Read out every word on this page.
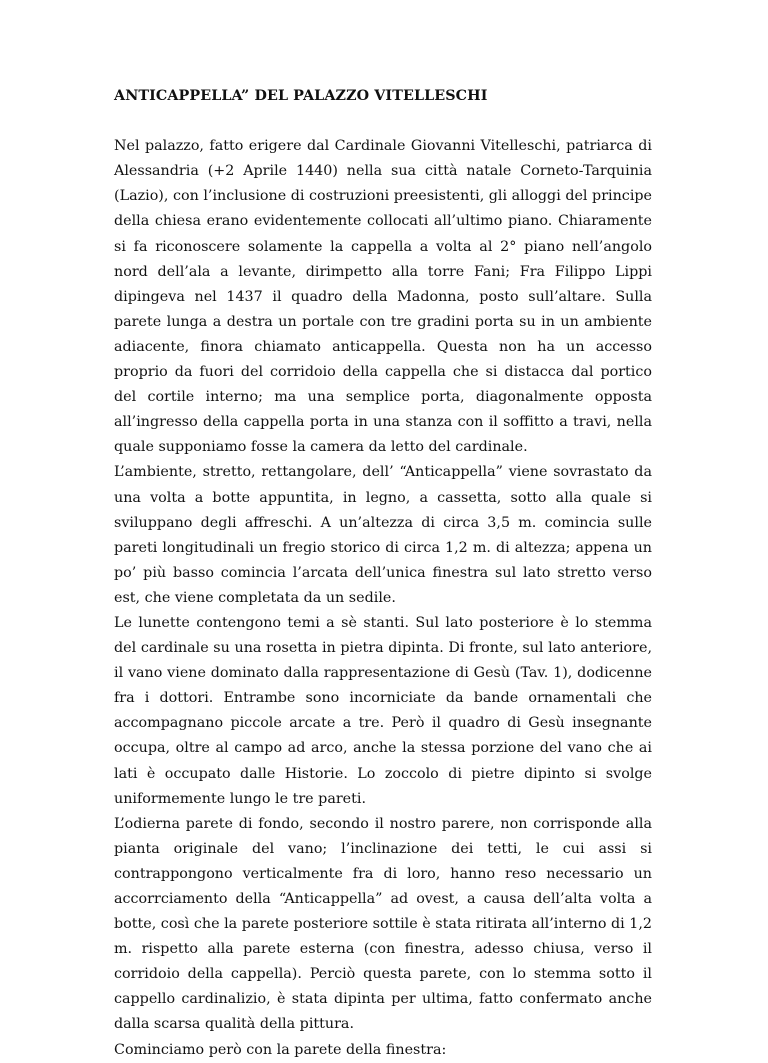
ANTICAPPELLA” DEL PALAZZO VITELLESCHI

Nel palazzo, fatto erigere dal Cardinale Giovanni Vitelleschi, patriarca di Alessandria (+2 Aprile 1440) nella sua città natale Corneto-Tarquinia (Lazio), con l’inclusione di costruzioni preesistenti, gli alloggi del principe della chiesa erano evidentemente collocati all’ultimo piano. Chiaramente si fa riconoscere solamente la cappella a volta al 2° piano nell’angolo nord dell’ala a levante, dirimpetto alla torre Fani; Fra Filippo Lippi dipingeva nel 1437 il quadro della Madonna, posto sull’altare. Sulla parete lunga a destra un portale con tre gradini porta su in un ambiente adiacente, finora chiamato anticappella. Questa non ha un accesso proprio da fuori del corridoio della cappella che si distacca dal portico del cortile interno; ma una semplice porta, diagonalmente opposta all’ingresso della cappella porta in una stanza con il soffitto a travi, nella quale supponiamo fosse la camera da letto del cardinale.

L’ambiente, stretto, rettangolare, dell’ “Anticappella” viene sovrastato da una volta a botte appuntita, in legno, a cassetta, sotto alla quale si sviluppano degli affreschi. A un’altezza di circa 3,5 m. comincia sulle pareti longitudinali un fregio storico di circa 1,2 m. di altezza; appena un po’ più basso comincia l’arcata dell’unica finestra sul lato stretto verso est, che viene completata da un sedile.

Le lunette contengono temi a sè stanti. Sul lato posteriore è lo stemma del cardinale su una rosetta in pietra dipinta. Di fronte, sul lato anteriore, il vano viene dominato dalla rappresentazione di Gesù (Tav. 1), dodicenne fra i dottori. Entrambe sono incorniciate da bande ornamentali che accompagnano piccole arcate a tre. Però il quadro di Gesù insegnante occupa, oltre al campo ad arco, anche la stessa porzione del vano che ai lati è occupato dalle Historie. Lo zoccolo di pietre dipinto si svolge uniformemente lungo le tre pareti.

L’odierna parete di fondo, secondo il nostro parere, non corrisponde alla pianta originale del vano; l’inclinazione dei tetti, le cui assi si contrappongono verticalmente fra di loro, hanno reso necessario un accorrciamento della “Anticappella” ad ovest, a causa dell’alta volta a botte, così che la parete posteriore sottile è stata ritirata all’interno di 1,2 m. rispetto alla parete esterna (con finestra, adesso chiusa, verso il corridoio della cappella). Perciò questa parete, con lo stemma sotto il cappello cardinalizio, è stata dipinta per ultima, fatto confermato anche dalla scarsa qualità della pittura.

Cominciamo però con la parete della finestra:
